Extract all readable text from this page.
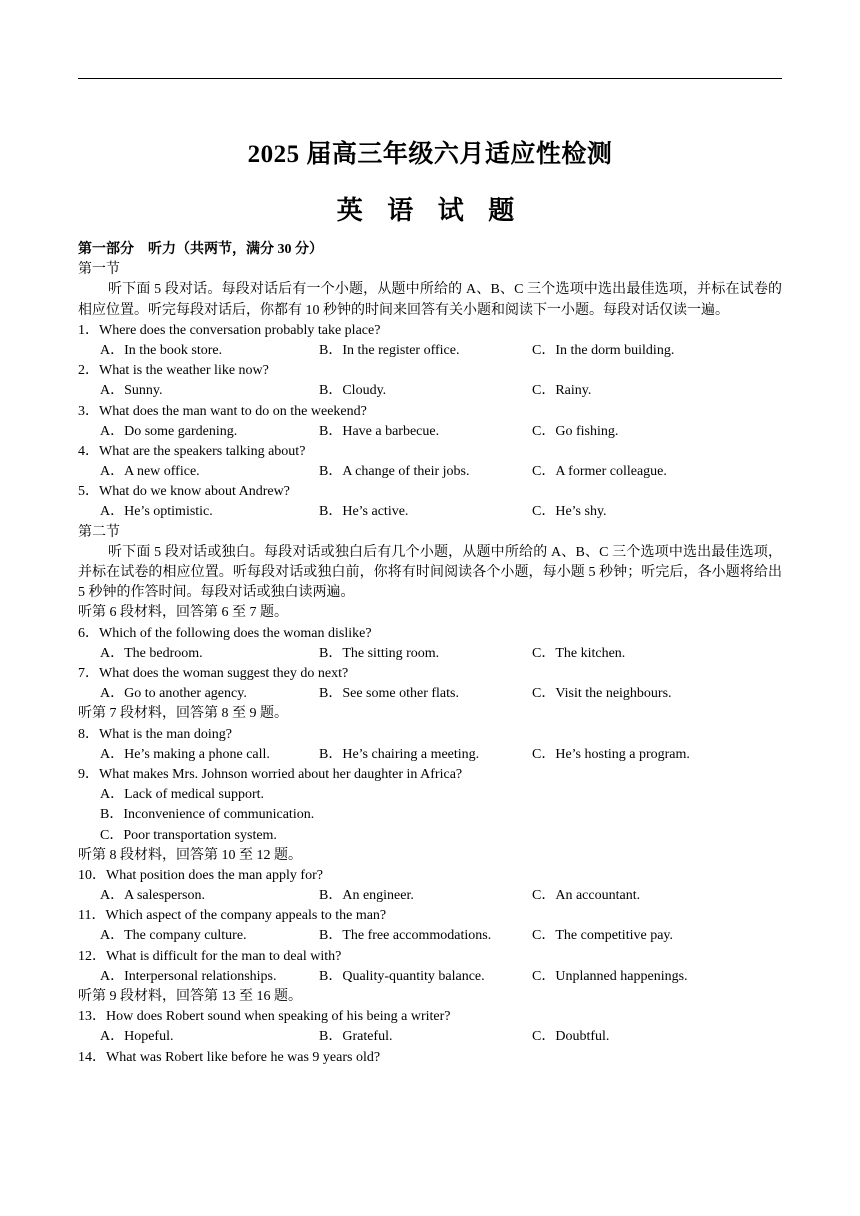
2025 届高三年级六月适应性检测
英 语 试 题
第一部分　听力（共两节，满分 30 分）
第一节
听下面 5 段对话。每段对话后有一个小题，从题中所给的 A、B、C 三个选项中选出最佳选项，并标在试卷的相应位置。听完每段对话后，你都有 10 秒钟的时间来回答有关小题和阅读下一小题。每段对话仅读一遍。
1．Where does the conversation probably take place?
A．In the book store.	B．In the register office.	C．In the dorm building.
2．What is the weather like now?
A．Sunny.	B．Cloudy.	C．Rainy.
3．What does the man want to do on the weekend?
A．Do some gardening.	B．Have a barbecue.	C．Go fishing.
4．What are the speakers talking about?
A．A new office.	B．A change of their jobs.	C．A former colleague.
5．What do we know about Andrew?
A．He’s optimistic.	B．He’s active.	C．He’s shy.
第二节
听下面 5 段对话或独白。每段对话或独白后有几个小题，从题中所给的 A、B、C 三个选项中选出最佳选项，并标在试卷的相应位置。听每段对话或独白前，你将有时间阅读各个小题，每小题 5 秒钟；听完后，各小题将给出 5 秒钟的作答时间。每段对话或独白读两遍。
听第 6 段材料，回答第 6 至 7 题。
6．Which of the following does the woman dislike?
A．The bedroom.	B．The sitting room.	C．The kitchen.
7．What does the woman suggest they do next?
A．Go to another agency.	B．See some other flats.	C．Visit the neighbours.
听第 7 段材料，回答第 8 至 9 题。
8．What is the man doing?
A．He’s making a phone call.	B．He’s chairing a meeting.	C．He’s hosting a program.
9．What makes Mrs. Johnson worried about her daughter in Africa?
A．Lack of medical support.
B．Inconvenience of communication.
C．Poor transportation system.
听第 8 段材料，回答第 10 至 12 题。
10．What position does the man apply for?
A．A salesperson.	B．An engineer.	C．An accountant.
11．Which aspect of the company appeals to the man?
A．The company culture.	B．The free accommodations.	C．The competitive pay.
12．What is difficult for the man to deal with?
A．Interpersonal relationships.	B．Quality-quantity balance.	C．Unplanned happenings.
听第 9 段材料，回答第 13 至 16 题。
13．How does Robert sound when speaking of his being a writer?
A．Hopeful.	B．Grateful.	C．Doubtful.
14．What was Robert like before he was 9 years old?
